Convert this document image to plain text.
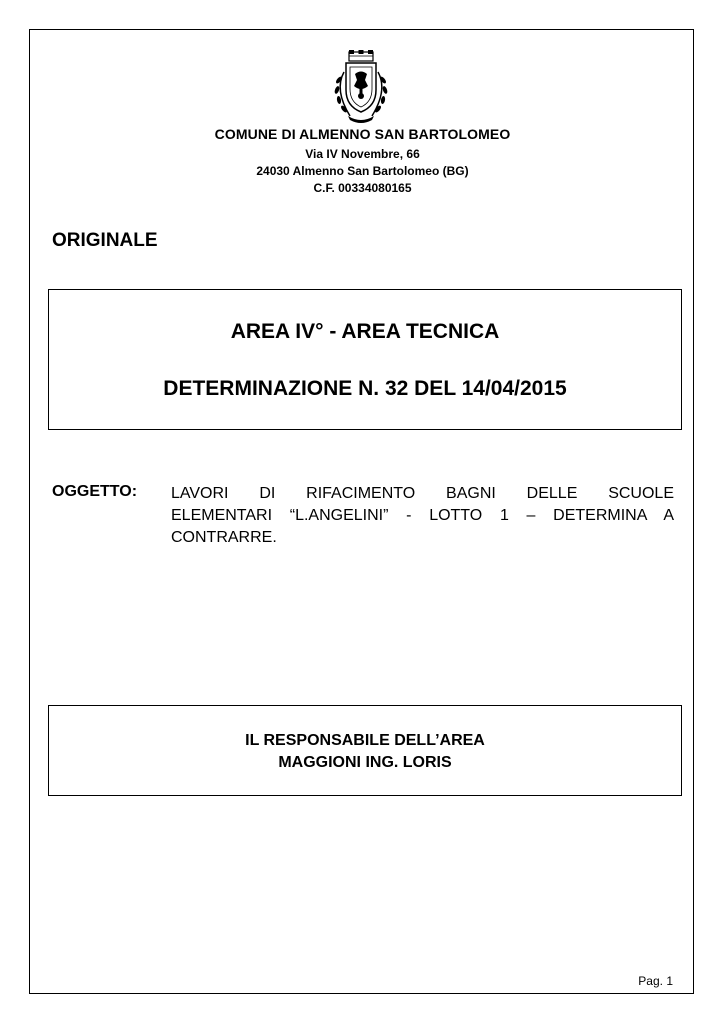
COMUNE DI ALMENNO SAN BARTOLOMEO
Via IV Novembre, 66
24030 Almenno San Bartolomeo (BG)
C.F. 00334080165
ORIGINALE
AREA IV° - AREA TECNICA
DETERMINAZIONE N. 32 DEL 14/04/2015
OGGETTO: LAVORI DI RIFACIMENTO BAGNI DELLE SCUOLE
ELEMENTARI “L.ANGELINI” - LOTTO 1 – DETERMINA A
CONTRARRE.
IL RESPONSABILE DELL’AREA
MAGGIONI ING. LORIS
Pag. 1
